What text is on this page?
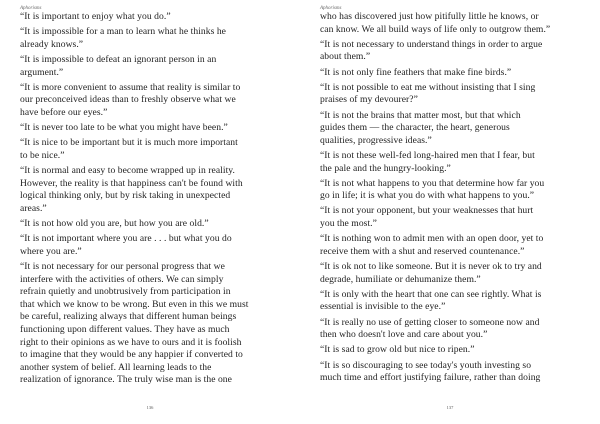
Aphorisms
“It is important to enjoy what you do.”
“It is impossible for a man to learn what he thinks he
already knows.”
“It is impossible to defeat an ignorant person in an
argument.”
“It is more convenient to assume that reality is similar to
our preconceived ideas than to freshly observe what we
have before our eyes.”
“It is never too late to be what you might have been.”
“It is nice to be important but it is much more important
to be nice.”
“It is normal and easy to become wrapped up in reality.
However, the reality is that happiness can't be found with
logical thinking only, but by risk taking in unexpected
areas.”
“It is not how old you are, but how you are old.”
“It is not important where you are . . . but what you do
where you are.”
“It is not necessary for our personal progress that we
interfere with the activities of others. We can simply
refrain quietly and unobtrusively from participation in
that which we know to be wrong. But even in this we must
be careful, realizing always that different human beings
functioning upon different values. They have as much
right to their opinions as we have to ours and it is foolish
to imagine that they would be any happier if converted to
another system of belief. All learning leads to the
realization of ignorance. The truly wise man is the one
136
Aphorisms
who has discovered just how pitifully little he knows, or
can know. We all build ways of life only to outgrow them.”
“It is not necessary to understand things in order to argue
about them.”
“It is not only fine feathers that make fine birds.”
“It is not possible to eat me without insisting that I sing
praises of my devourer?”
“It is not the brains that matter most, but that which
guides them — the character, the heart, generous
qualities, progressive ideas.”
“It is not these well-fed long-haired men that I fear, but
the pale and the hungry-looking.”
“It is not what happens to you that determine how far you
go in life; it is what you do with what happens to you.”
“It is not your opponent, but your weaknesses that hurt
you the most.”
“It is nothing won to admit men with an open door, yet to
receive them with a shut and reserved countenance.”
“It is ok not to like someone. But it is never ok to try and
degrade, humiliate or dehumanize them.”
“It is only with the heart that one can see rightly. What is
essential is invisible to the eye.”
“It is really no use of getting closer to someone now and
then who doesn't love and care about you.”
“It is sad to grow old but nice to ripen.”
“It is so discouraging to see today's youth investing so
much time and effort justifying failure, rather than doing
137
